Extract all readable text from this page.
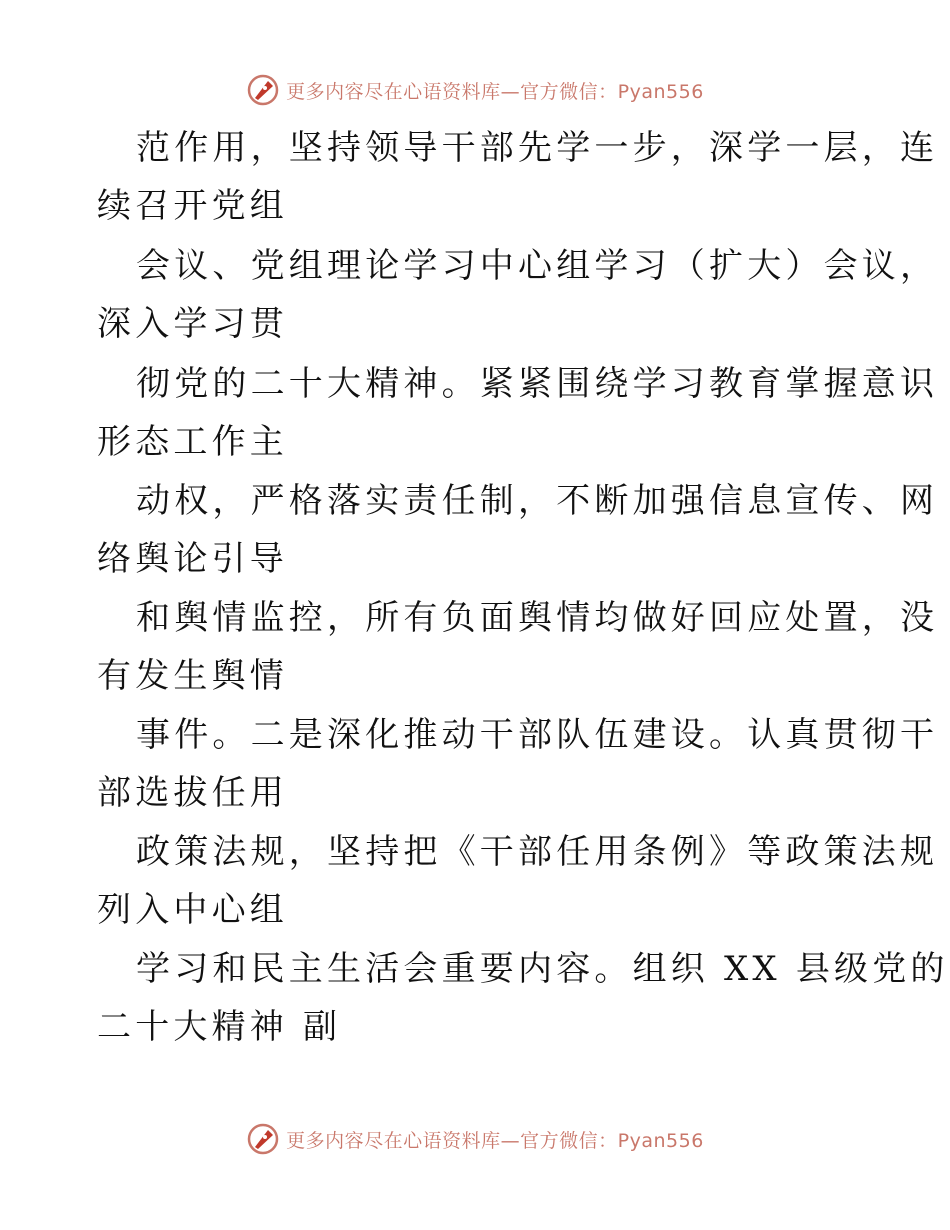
更多内容尽在心语资料库—官方微信：Pyan556
范作用，坚持领导干部先学一步，深学一层，连
续召开党组
会议、党组理论学习中心组学习（扩大）会议，
深入学习贯
彻党的二十大精神。紧紧围绕学习教育掌握意识
形态工作主
动权，严格落实责任制，不断加强信息宣传、网
络舆论引导
和舆情监控，所有负面舆情均做好回应处置，没
有发生舆情
事件。二是深化推动干部队伍建设。认真贯彻干
部选拔任用
政策法规，坚持把《干部任用条例》等政策法规
列入中心组
学习和民主生活会重要内容。组织 XX 县级党的
二十大精神 副
更多内容尽在心语资料库—官方微信：Pyan556
